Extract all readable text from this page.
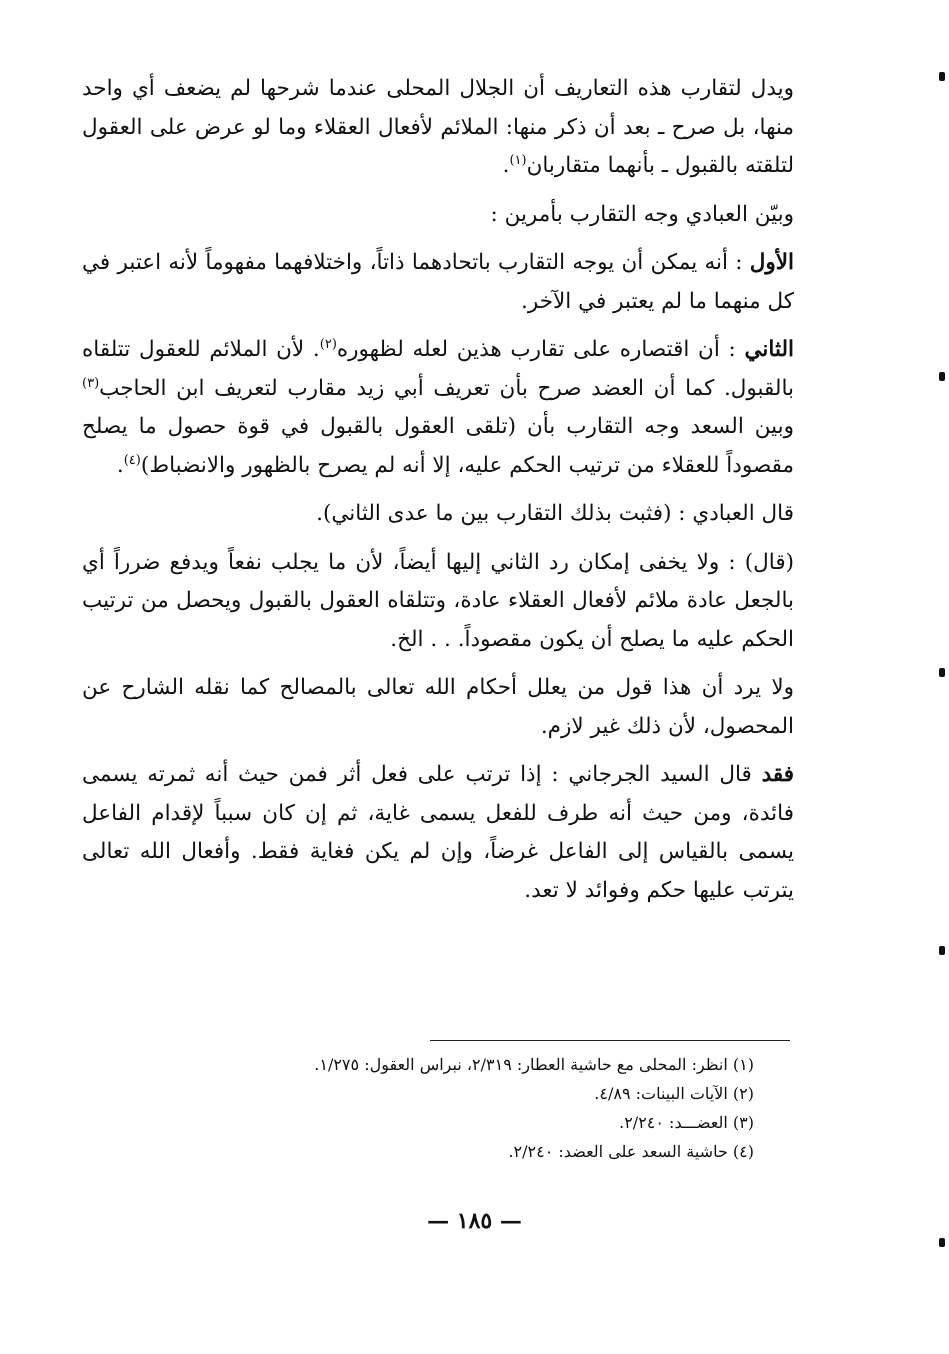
ويدل لتقارب هذه التعاريف أن الجلال المحلى عندما شرحها لم يضعف أي واحد منها، بل صرح ـ بعد أن ذكر منها: الملائم لأفعال العقلاء وما لو عرض على العقول لتلقته بالقبول ـ بأنهما متقاربان$^{(١)}$.

وبيّن العبادي وجه التقارب بأمرين :

الأول : أنه يمكن أن يوجه التقارب باتحادهما ذاتاً، واختلافهما مفهوماً لأنه اعتبر في كل منهما ما لم يعتبر في الآخر.

الثاني : أن اقتصاره على تقارب هذين لعله لظهوره$^{(٢)}$. لأن الملائم للعقول تتلقاه بالقبول. كما أن العضد صرح بأن تعريف أبي زيد مقارب لتعريف ابن الحاجب$^{(٣)}$ وبين السعد وجه التقارب بأن (تلقى العقول بالقبول في قوة حصول ما يصلح مقصوداً للعقلاء من ترتيب الحكم عليه، إلا أنه لم يصرح بالظهور والانضباط)$^{(٤)}$.

قال العبادي : (فثبت بذلك التقارب بين ما عدى الثاني).

(قال) : ولا يخفى إمكان رد الثاني إليها أيضاً، لأن ما يجلب نفعاً ويدفع ضرراً أي بالجعل عادة ملائم لأفعال العقلاء عادة، وتتلقاه العقول بالقبول ويحصل من ترتيب الحكم عليه ما يصلح أن يكون مقصوداً. . . الخ.

ولا يرد أن هذا قول من يعلل أحكام الله تعالى بالمصالح كما نقله الشارح عن المحصول، لأن ذلك غير لازم.

فقد قال السيد الجرجاني : إذا ترتب على فعل أثر فمن حيث أنه ثمرته يسمى فائدة، ومن حيث أنه طرف للفعل يسمى غاية، ثم إن كان سبباً لإقدام الفاعل يسمى بالقياس إلى الفاعل غرضاً، وإن لم يكن فغاية فقط. وأفعال الله تعالى يترتب عليها حكم وفوائد لا تعد.

(١) انظر: المحلى مع حاشية العطار: ٢/٣١٩، نبراس العقول: ١/٢٧٥.

(٢) الآيات البينات: ٤/٨٩.

(٣) العضـــد: ٢/٢٤٠.

(٤) حاشية السعد على العضد: ٢/٢٤٠.

— ١٨٥ —
